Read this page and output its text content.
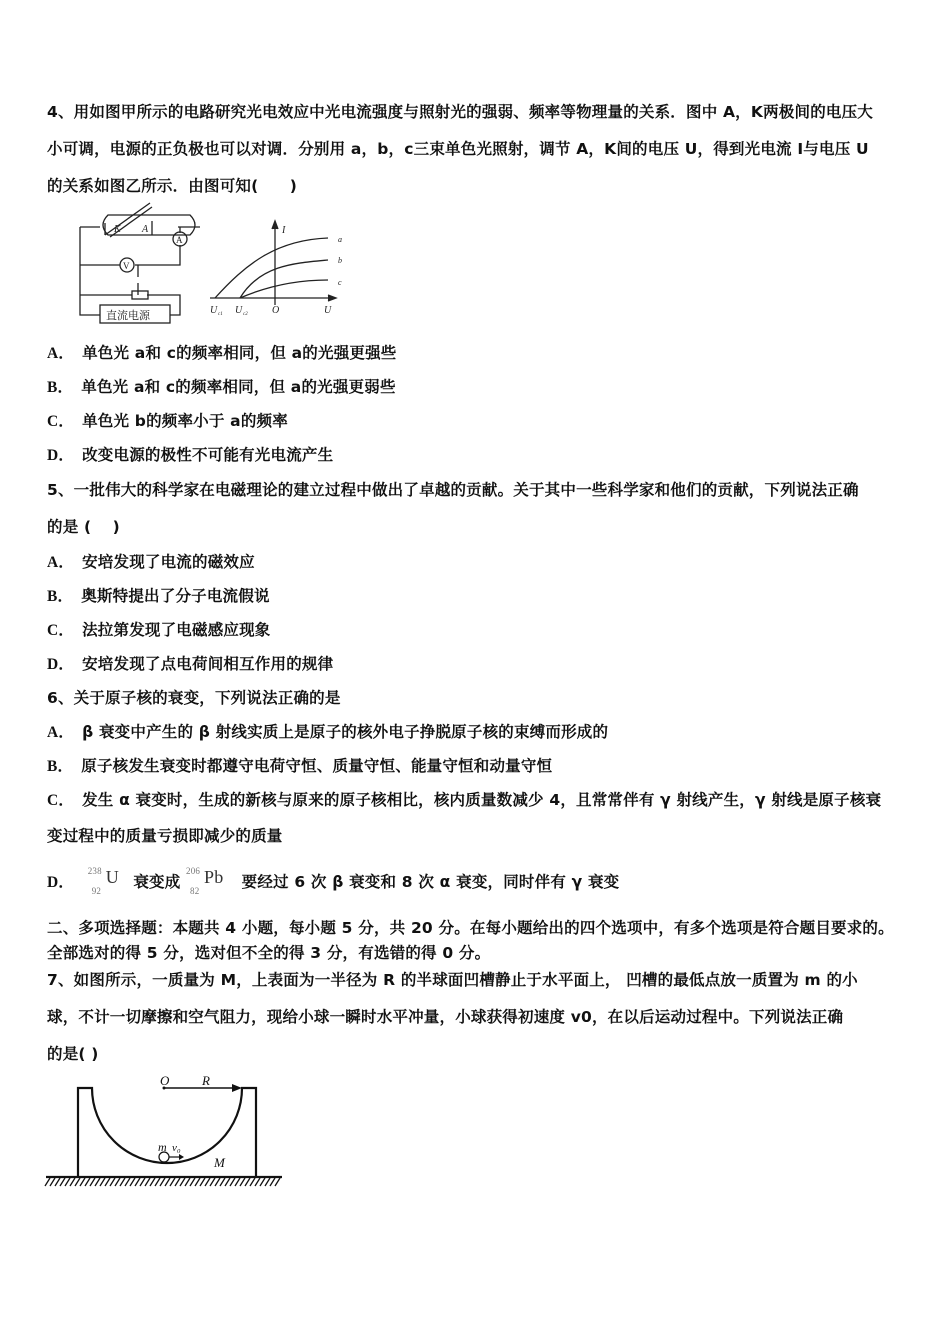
4、用如图甲所示的电路研究光电效应中光电流强度与照射光的强弱、频率等物理量的关系．图中 A，K两极间的电压大
小可调，电源的正负极也可以对调．分别用 a，b，c三束单色光照射，调节 A，K间的电压 U，得到光电流 I与电压 U
的关系如图乙所示．由图可知(　　)
K A
A
V
直流电源
I
U
O
U c1 U c2
a
b
c
A． 单色光 a和 c的频率相同，但 a的光强更强些
B． 单色光 a和 c的频率相同，但 a的光强更弱些
C． 单色光 b的频率小于 a的频率
D． 改变电源的极性不可能有光电流产生
5、一批伟大的科学家在电磁理论的建立过程中做出了卓越的贡献。关于其中一些科学家和他们的贡献，下列说法正确
的是 (　 )
A． 安培发现了电流的磁效应
B． 奥斯特提出了分子电流假说
C． 法拉第发现了电磁感应现象
D． 安培发现了点电荷间相互作用的规律
6、关于原子核的衰变，下列说法正确的是
A． β 衰变中产生的 β 射线实质上是原子的核外电子挣脱原子核的束缚而形成的
B． 原子核发生衰变时都遵守电荷守恒、质量守恒、能量守恒和动量守恒
C． 发生 α 衰变时，生成的新核与原来的原子核相比，核内质量数减少 4，且常常伴有 γ 射线产生，γ 射线是原子核衰
变过程中的质量亏损即减少的质量
D．
238
92
U 衰变成
206
82
Pb 要经过 6 次 β 衰变和 8 次 α 衰变，同时伴有 γ 衰变
二、多项选择题：本题共 4 小题，每小题 5 分，共 20 分。在每小题给出的四个选项中，有多个选项是符合题目要求的。
全部选对的得 5 分，选对但不全的得 3 分，有选错的得 0 分。
7、如图所示，一质量为 M，上表面为一半径为 R 的半球面凹槽静止于水平面上， 凹槽的最低点放一质置为 m 的小
球，不计一切摩擦和空气阻力，现给小球一瞬时水平冲量，小球获得初速度 v0，在以后运动过程中。下列说法正确
的是( )
O	R
m v₀
M
